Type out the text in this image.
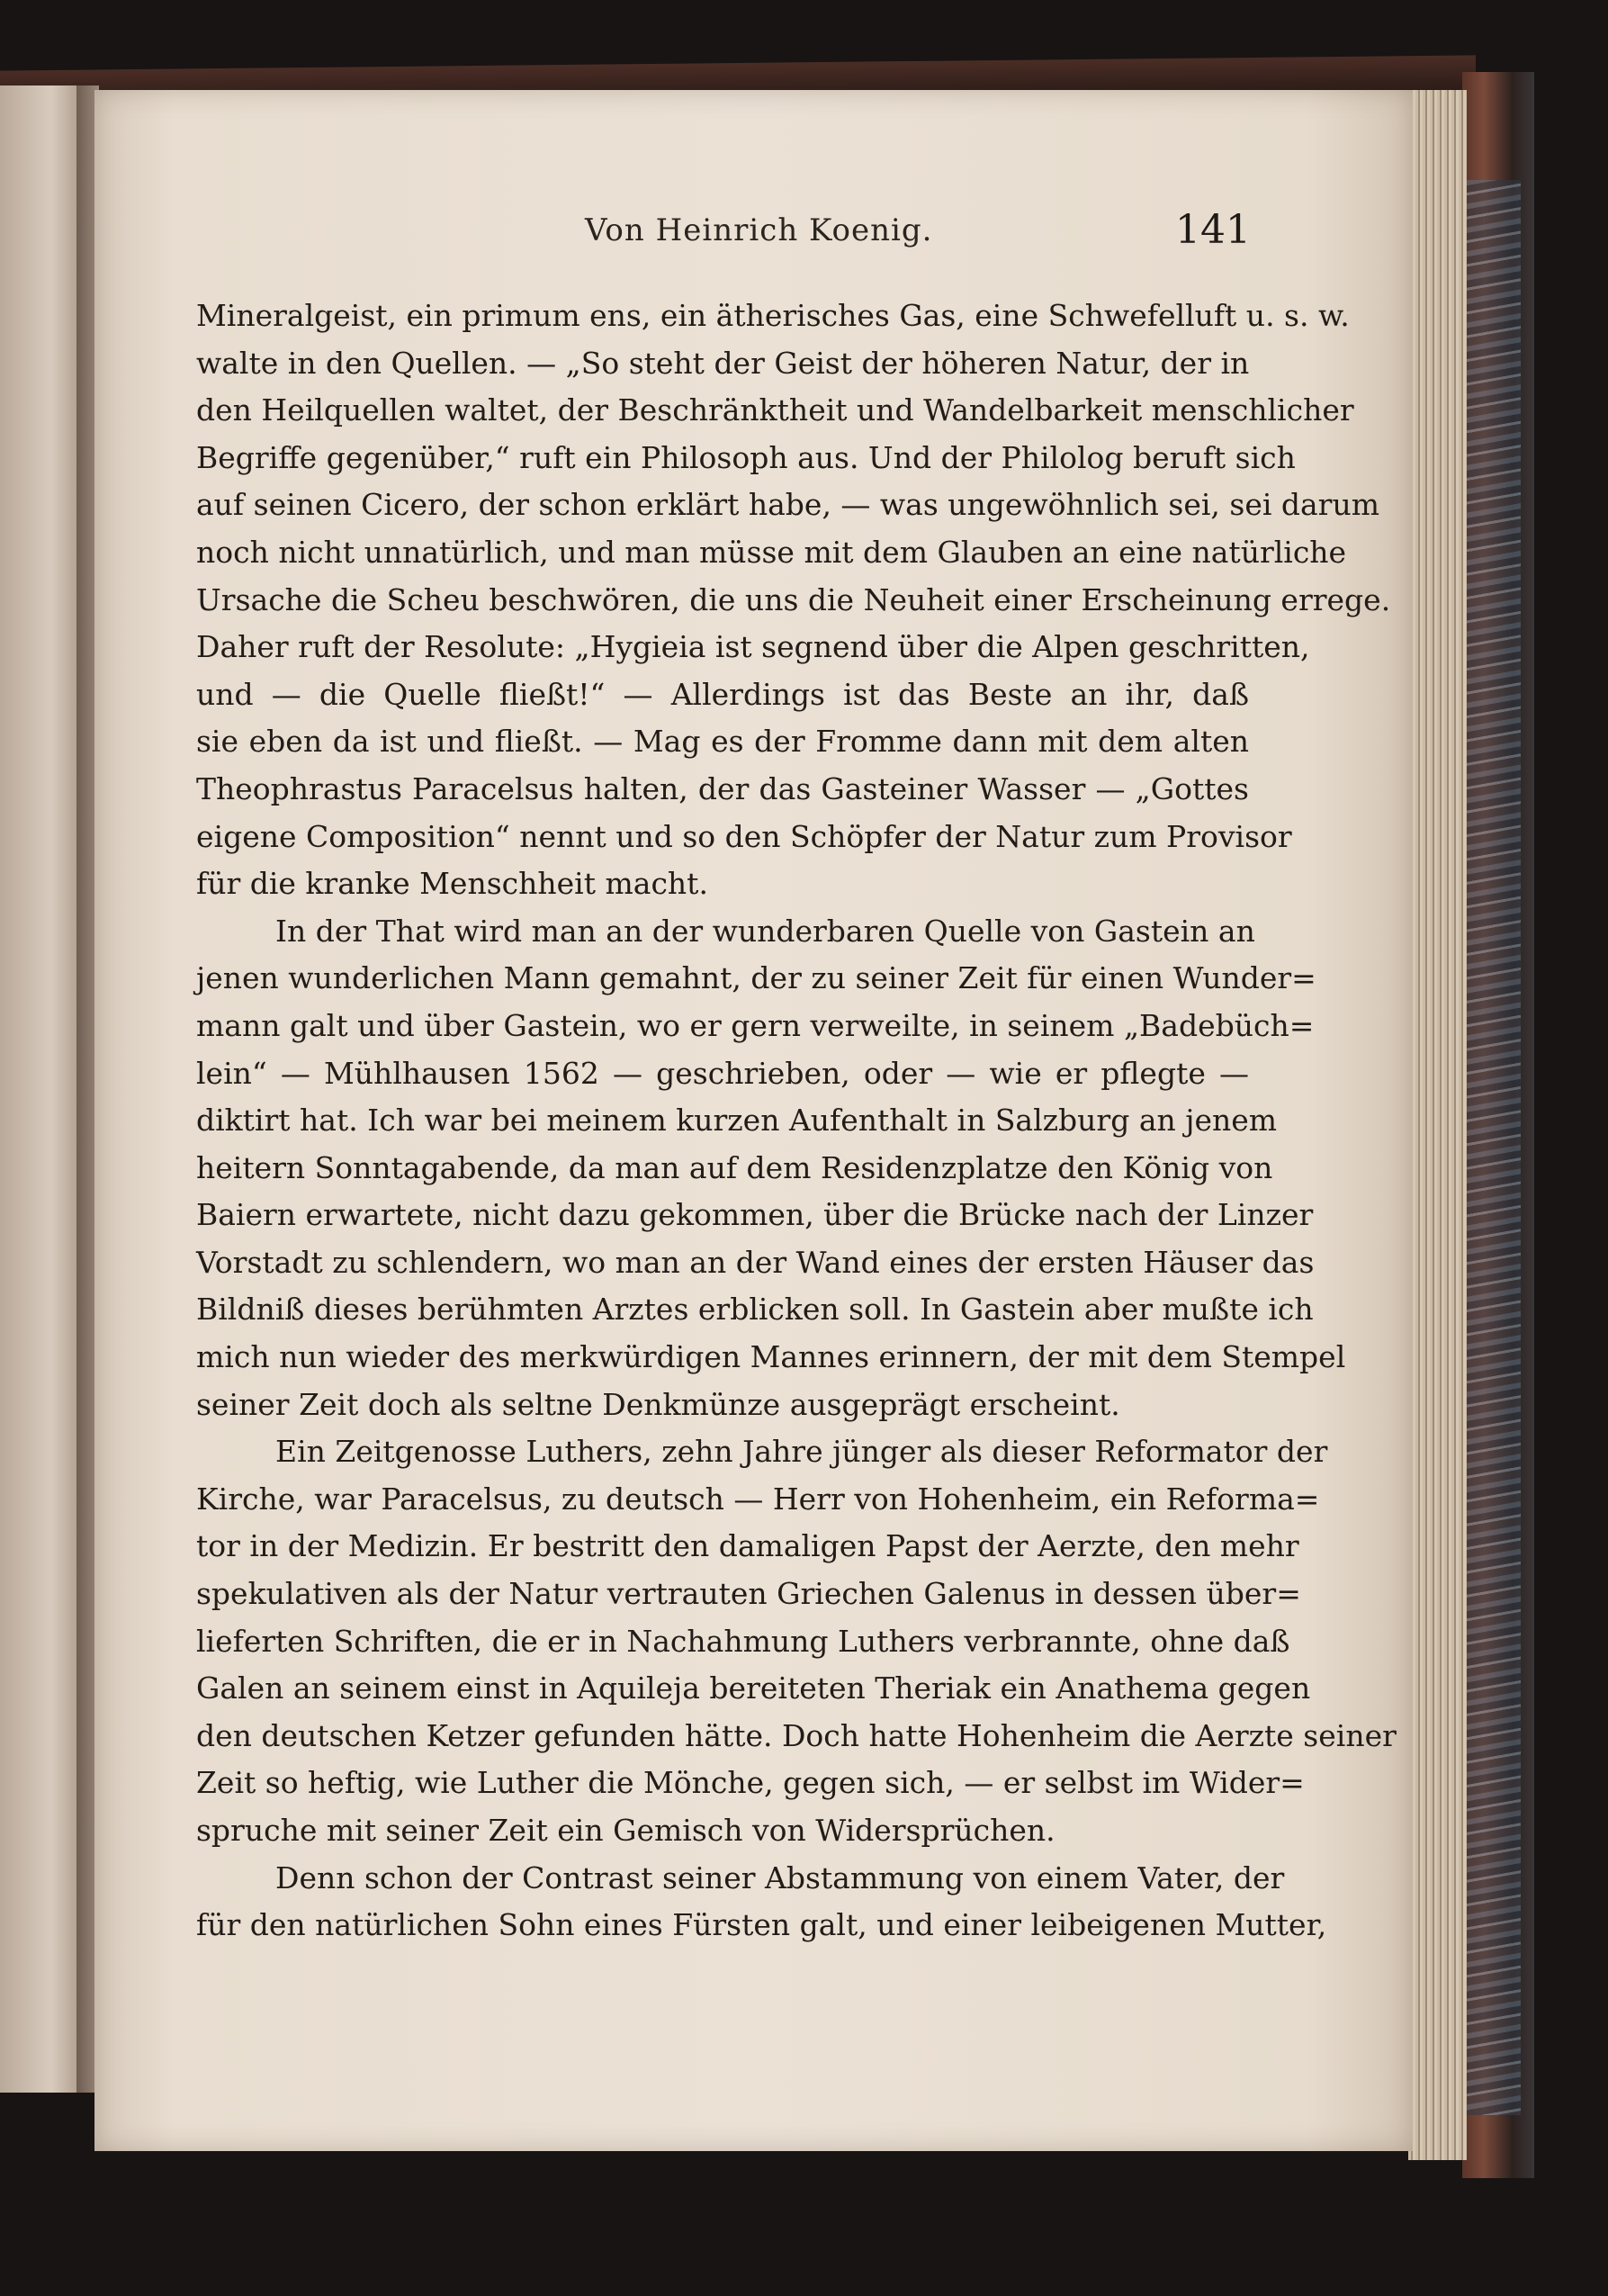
Von Heinrich Koenig.	141
Mineralgeist, ein primum ens, ein ätherisches Gas, eine Schwefelluft u. s. w.
walte in den Quellen. — „So steht der Geist der höheren Natur, der in
den Heilquellen waltet, der Beschränktheit und Wandelbarkeit menschlicher
Begriffe gegenüber,“ ruft ein Philosoph aus. Und der Philolog beruft sich
auf seinen Cicero, der schon erklärt habe, — was ungewöhnlich sei, sei darum
noch nicht unnatürlich, und man müsse mit dem Glauben an eine natürliche
Ursache die Scheu beschwören, die uns die Neuheit einer Erscheinung errege.
Daher ruft der Resolute: „Hygieia ist segnend über die Alpen geschritten,
und — die Quelle fließt!“ — Allerdings ist das Beste an ihr, daß
sie eben da ist und fließt. — Mag es der Fromme dann mit dem alten
Theophrastus Paracelsus halten, der das Gasteiner Wasser — „Gottes
eigene Composition“ nennt und so den Schöpfer der Natur zum Provisor
für die kranke Menschheit macht.
In der That wird man an der wunderbaren Quelle von Gastein an
jenen wunderlichen Mann gemahnt, der zu seiner Zeit für einen Wunder=
mann galt und über Gastein, wo er gern verweilte, in seinem „Badebüch=
lein“ — Mühlhausen 1562 — geschrieben, oder — wie er pflegte —
diktirt hat. Ich war bei meinem kurzen Aufenthalt in Salzburg an jenem
heitern Sonntagabende, da man auf dem Residenzplatze den König von
Baiern erwartete, nicht dazu gekommen, über die Brücke nach der Linzer
Vorstadt zu schlendern, wo man an der Wand eines der ersten Häuser das
Bildniß dieses berühmten Arztes erblicken soll. In Gastein aber mußte ich
mich nun wieder des merkwürdigen Mannes erinnern, der mit dem Stempel
seiner Zeit doch als seltne Denkmünze ausgeprägt erscheint.
Ein Zeitgenosse Luthers, zehn Jahre jünger als dieser Reformator der
Kirche, war Paracelsus, zu deutsch — Herr von Hohenheim, ein Reforma=
tor in der Medizin. Er bestritt den damaligen Papst der Aerzte, den mehr
spekulativen als der Natur vertrauten Griechen Galenus in dessen über=
lieferten Schriften, die er in Nachahmung Luthers verbrannte, ohne daß
Galen an seinem einst in Aquileja bereiteten Theriak ein Anathema gegen
den deutschen Ketzer gefunden hätte. Doch hatte Hohenheim die Aerzte seiner
Zeit so heftig, wie Luther die Mönche, gegen sich, — er selbst im Wider=
spruche mit seiner Zeit ein Gemisch von Widersprüchen.
Denn schon der Contrast seiner Abstammung von einem Vater, der
für den natürlichen Sohn eines Fürsten galt, und einer leibeigenen Mutter,
